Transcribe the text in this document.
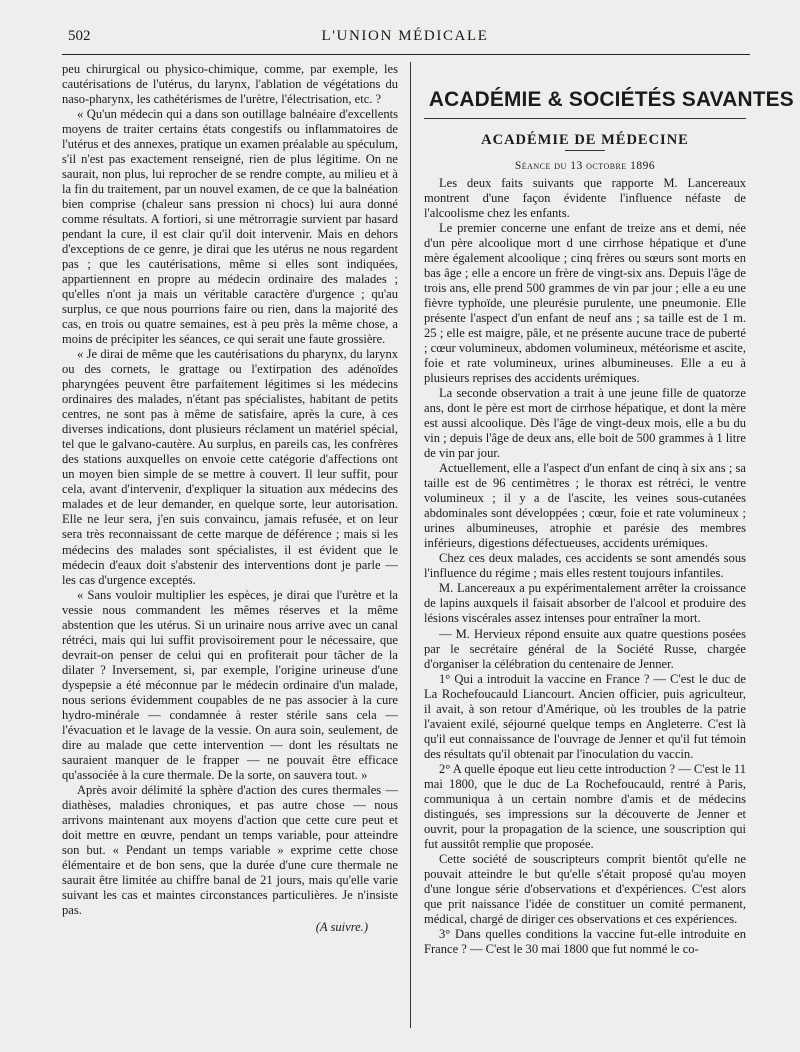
502	L'UNION MÉDICALE

peu chirurgical ou physico-chimique, comme, par exemple, les cautérisations de l'utérus, du larynx, l'ablation de végétations du naso-pharynx, les cathétérismes de l'urètre, l'électrisation, etc. ?

« Qu'un médecin qui a dans son outillage balnéaire d'excellents moyens de traiter certains états congestifs ou inflammatoires de l'utérus et des annexes, pratique un examen préalable au spéculum, s'il n'est pas exactement renseigné, rien de plus légitime. On ne saurait, non plus, lui reprocher de se rendre compte, au milieu et à la fin du traitement, par un nouvel examen, de ce que la balnéation bien comprise (chaleur sans pression ni chocs) lui aura donné comme résultats. A fortiori, si une métrorragie survient par hasard pendant la cure, il est clair qu'il doit intervenir. Mais en dehors d'exceptions de ce genre, je dirai que les utérus ne nous regardent pas ; que les cautérisations, même si elles sont indiquées, appartiennent en propre au médecin ordinaire des malades ; qu'elles n'ont ja mais un véritable caractère d'urgence ; qu'au surplus, ce que nous pourrions faire ou rien, dans la majorité des cas, en trois ou quatre semaines, est à peu près la même chose, a moins de précipiter les séances, ce qui serait une faute grossière.

« Je dirai de même que les cautérisations du pharynx, du larynx ou des cornets, le grattage ou l'extirpation des adénoïdes pharyngées peuvent être parfaitement légitimes si les médecins ordinaires des malades, n'étant pas spécialistes, habitant de petits centres, ne sont pas à même de satisfaire, après la cure, à ces diverses indications, dont plusieurs réclament un matériel spécial, tel que le galvano-cautère. Au surplus, en pareils cas, les confrères des stations auxquelles on envoie cette catégorie d'affections ont un moyen bien simple de se mettre à couvert. Il leur suffit, pour cela, avant d'intervenir, d'expliquer la situation aux médecins des malades et de leur demander, en quelque sorte, leur autorisation. Elle ne leur sera, j'en suis convaincu, jamais refusée, et on leur sera très reconnaissant de cette marque de déférence ; mais si les médecins des malades sont spécialistes, il est évident que le médecin d'eaux doit s'abstenir des interventions dont je parle — les cas d'urgence exceptés.

« Sans vouloir multiplier les espèces, je dirai que l'urètre et la vessie nous commandent les mêmes réserves et la même abstention que les utérus. Si un urinaire nous arrive avec un canal rétréci, mais qui lui suffit provisoirement pour le nécessaire, que devrait-on penser de celui qui en profiterait pour tâcher de la dilater ? Inversement, si, par exemple, l'origine urineuse d'une dyspepsie a été méconnue par le médecin ordinaire d'un malade, nous serions évidemment coupables de ne pas associer à la cure hydro-minérale — condamnée à rester stérile sans cela — l'évacuation et le lavage de la vessie. On aura soin, seulement, de dire au malade que cette intervention — dont les résultats ne sauraient manquer de le frapper — ne pouvait être efficace qu'associée à la cure thermale. De la sorte, on sauvera tout. »

Après avoir délimité la sphère d'action des cures thermales — diathèses, maladies chroniques, et pas autre chose — nous arrivons maintenant aux moyens d'action que cette cure peut et doit mettre en œuvre, pendant un temps variable, pour atteindre son but. « Pendant un temps variable » exprime cette chose élémentaire et de bon sens, que la durée d'une cure thermale ne saurait être limitée au chiffre banal de 21 jours, mais qu'elle varie suivant les cas et maintes circonstances particulières. Je n'insiste pas.

(A suivre.)
ACADÉMIE & SOCIÉTÉS SAVANTES
ACADÉMIE DE MÉDECINE
Séance du 13 octobre 1896

Les deux faits suivants que rapporte M. Lancereaux montrent d'une façon évidente l'influence néfaste de l'alcoolisme chez les enfants.

Le premier concerne une enfant de treize ans et demi, née d'un père alcoolique mort d une cirrhose hépatique et d'une mère également alcoolique ; cinq frères ou sœurs sont morts en bas âge ; elle a encore un frère de vingt-six ans. Depuis l'âge de trois ans, elle prend 500 grammes de vin par jour ; elle a eu une fièvre typhoïde, une pleurésie purulente, une pneumonie. Elle présente l'aspect d'un enfant de neuf ans ; sa taille est de 1 m. 25 ; elle est maigre, pâle, et ne présente aucune trace de puberté ; cœur volumineux, abdomen volumineux, météorisme et ascite, foie et rate volumineux, urines albumineuses. Elle a eu à plusieurs reprises des accidents urémiques.

La seconde observation a trait à une jeune fille de quatorze ans, dont le père est mort de cirrhose hépatique, et dont la mère est aussi alcoolique. Dès l'âge de vingt-deux mois, elle a bu du vin ; depuis l'âge de deux ans, elle boit de 500 grammes à 1 litre de vin par jour.

Actuellement, elle a l'aspect d'un enfant de cinq à six ans ; sa taille est de 96 centimètres ; le thorax est rétréci, le ventre volumineux ; il y a de l'ascite, les veines sous-cutanées abdominales sont développées ; cœur, foie et rate volumineux ; urines albumineuses, atrophie et parésie des membres inférieurs, digestions défectueuses, accidents urémiques.

Chez ces deux malades, ces accidents se sont amendés sous l'influence du régime ; mais elles restent toujours infantiles.

M. Lancereaux a pu expérimentalement arrêter la croissance de lapins auxquels il faisait absorber de l'alcool et produire des lésions viscérales assez intenses pour entraîner la mort.

— M. Hervieux répond ensuite aux quatre questions posées par le secrétaire général de la Société Russe, chargée d'organiser la célébration du centenaire de Jenner.

1° Qui a introduit la vaccine en France ? — C'est le duc de La Rochefoucauld Liancourt. Ancien officier, puis agriculteur, il avait, à son retour d'Amérique, où les troubles de la patrie l'avaient exilé, séjourné quelque temps en Angleterre. C'est là qu'il eut connaissance de l'ouvrage de Jenner et qu'il fut témoin des résultats qu'il obtenait par l'inoculation du vaccin.

2° A quelle époque eut lieu cette introduction ? — C'est le 11 mai 1800, que le duc de La Rochefoucauld, rentré à Paris, communiqua à un certain nombre d'amis et de médecins distingués, ses impressions sur la découverte de Jenner et ouvrit, pour la propagation de la science, une souscription qui fut aussitôt remplie que proposée.

Cette société de souscripteurs comprit bientôt qu'elle ne pouvait atteindre le but qu'elle s'était proposé qu'au moyen d'une longue série d'observations et d'expériences. C'est alors que prit naissance l'idée de constituer un comité permanent, médical, chargé de diriger ces observations et ces expériences.

3° Dans quelles conditions la vaccine fut-elle introduite en France ? — C'est le 30 mai 1800 que fut nommé le co-
